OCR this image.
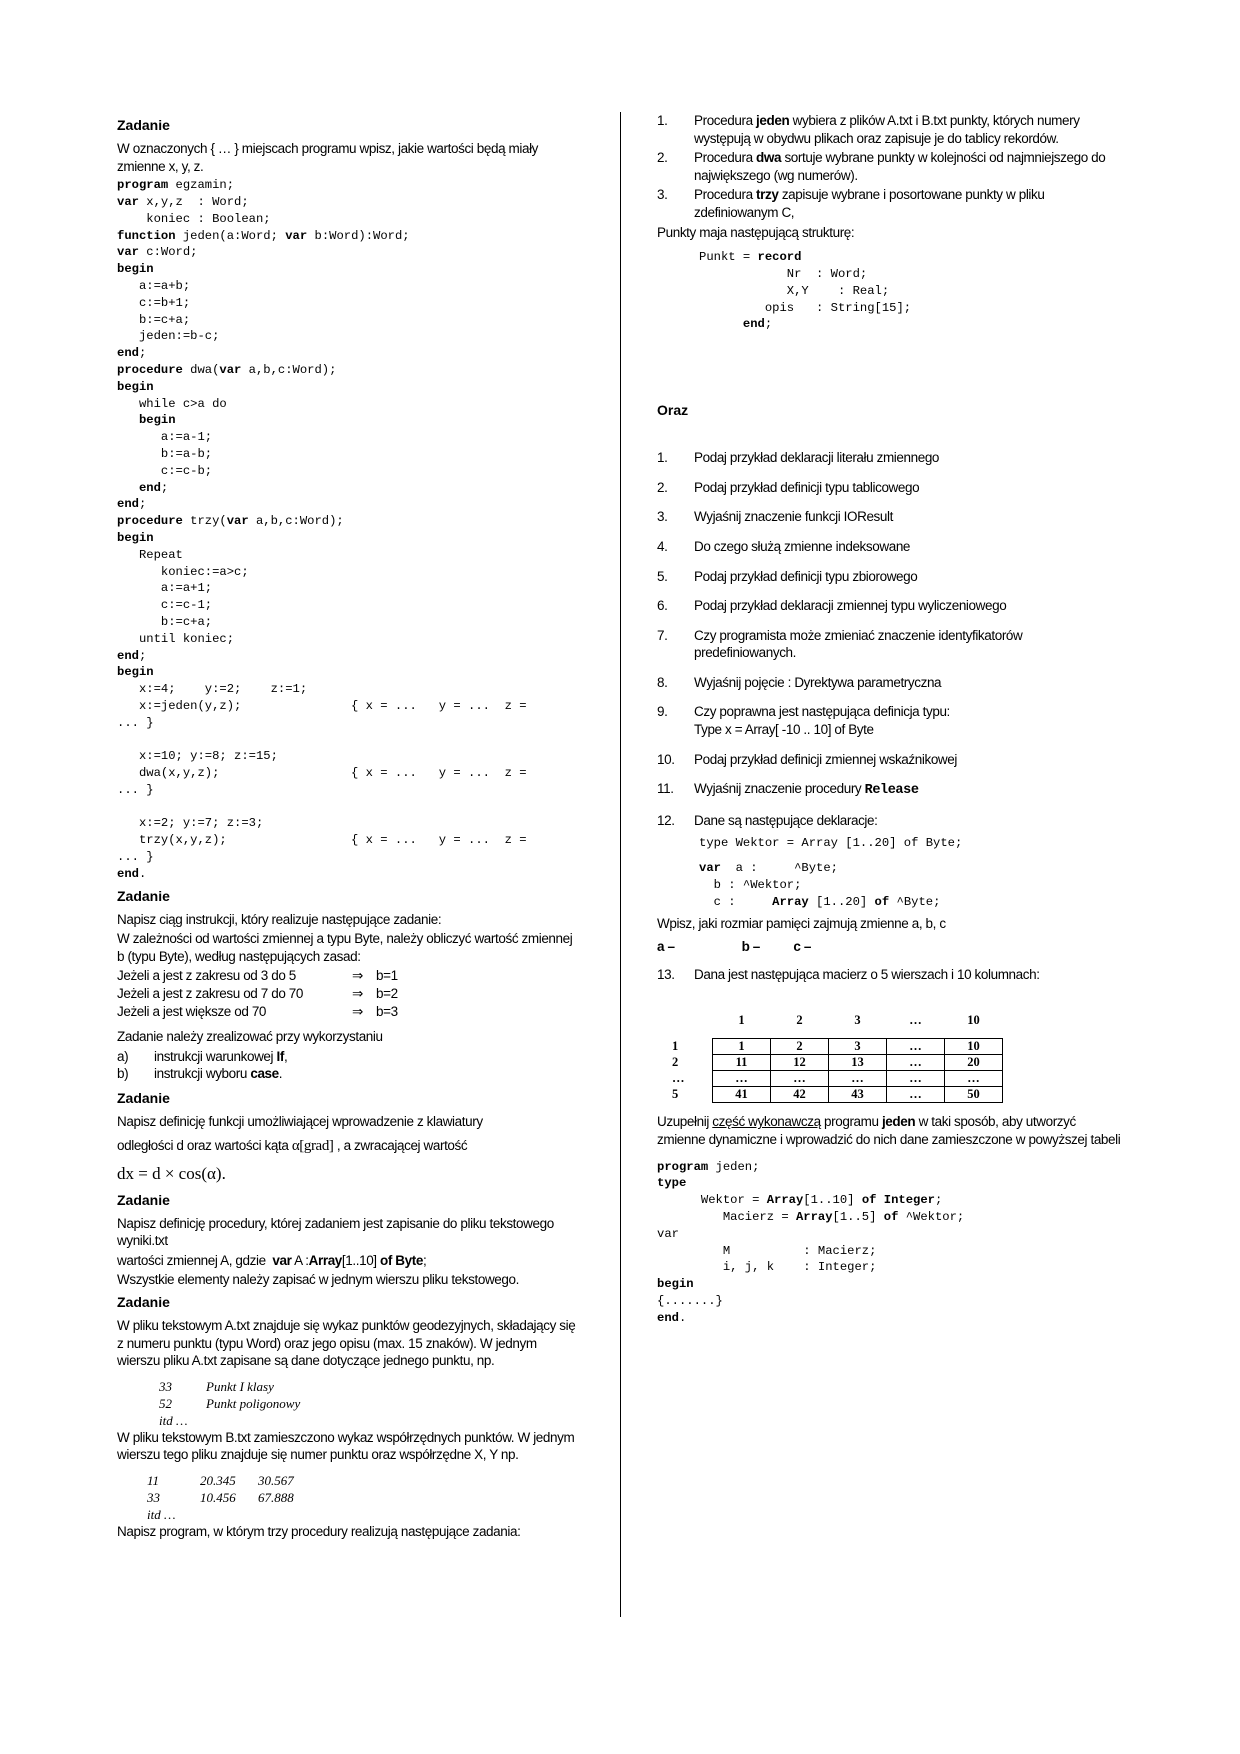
Zadanie
W oznaczonych { … } miejscach programu wpisz, jakie wartości będą miały zmienne x, y, z.
program egzamin;
var x,y,z  : Word;
koniec : Boolean;
function jeden(a:Word; var b:Word):Word;
var c:Word;
begin
a:=a+b;
c:=b+1;
b:=c+a;
jeden:=b-c;
end;
procedure dwa(var a,b,c:Word);
begin
while c>a do
begin
a:=a-1;
b:=a-b;
c:=c-b;
end;
end;
procedure trzy(var a,b,c:Word);
begin
Repeat
koniec:=a>c;
a:=a+1;
c:=c-1;
b:=c+a;
until koniec;
end;
begin
x:=4;    y:=2;    z:=1;
x:=jeden(y,z);               { x = ...   y = ...  z =
... }

x:=10; y:=8; z:=15;
dwa(x,y,z);                  { x = ...   y = ...  z =
... }

x:=2; y:=7; z:=3;
trzy(x,y,z);                 { x = ...   y = ...  z =
... }
end.
Zadanie
Napisz ciąg instrukcji, który realizuje następujące zadanie:
W zależności od wartości zmiennej a typu Byte, należy obliczyć wartość zmiennej b (typu Byte), według następujących zasad:
Jeżeli a jest z zakresu od 3 do 5	⇒ b=1
Jeżeli a jest z zakresu od 7 do 70	⇒ b=2
Jeżeli a jest większe od 70	⇒ b=3
Zadanie należy zrealizować przy wykorzystaniu
a)	instrukcji warunkowej
If ,
b)	instrukcji wyboru
case .
Zadanie
Napisz definicję funkcji umożliwiającej wprowadzenie z klawiatury
odległości d oraz wartości kąta α[grad] , a zwracającej wartość
dx = d × cos(α).
Zadanie
Napisz definicję procedury, której zadaniem jest zapisanie do pliku tekstowego wyniki.txt
wartości zmiennej A, gdzie var A :Array[1..10] of Byte;
Wszystkie elementy należy zapisać w jednym wierszu pliku tekstowego.
Zadanie
W pliku tekstowym A.txt znajduje się wykaz punktów geodezyjnych, składający się z numeru punktu (typu Word) oraz jego opisu (max. 15 znaków). W jednym wierszu pliku A.txt zapisane są dane dotyczące jednego punktu, np.
33	Punkt I klasy
52	Punkt poligonowy
itd …
W pliku tekstowym B.txt zamieszczono wykaz współrzędnych punktów. W jednym wierszu tego pliku znajduje się numer punktu oraz współrzędne X, Y np.
11	20.345	30.567
33	10.456	67.888
itd …
Napisz program, w którym trzy procedury realizują następujące zadania:
1. Procedura jeden wybiera z plików A.txt i B.txt punkty, których numery występują w obydwu plikach oraz zapisuje je do tablicy rekordów.
2. Procedura dwa sortuje wybrane punkty w kolejności od najmniejszego do największego (wg numerów).
3. Procedura trzy zapisuje wybrane i posortowane punkty w pliku zdefiniowanym C,
Punkty maja następującą strukturę:
Punkt = record
Nr  : Word;
X,Y    : Real;
opis   : String[15];
end;
Oraz
1. Podaj przykład deklaracji literału zmiennego
2. Podaj przykład definicji typu tablicowego
3. Wyjaśnij znaczenie funkcji IOResult
4. Do czego służą zmienne indeksowane
5. Podaj przykład definicji typu zbiorowego
6. Podaj przykład deklaracji zmiennej typu wyliczeniowego
7. Czy programista może zmieniać znaczenie identyfikatorów predefiniowanych.
8. Wyjaśnij pojęcie : Dyrektywa parametryczna
9. Czy poprawna jest następująca definicja typu:
Type x = Array[ -10 .. 10] of Byte
10. Podaj przykład definicji zmiennej wskaźnikowej
11. Wyjaśnij znaczenie procedury Release
12. Dane są następujące deklaracje:
type Wektor = Array [1..20] of Byte;
var  a :     ^Byte;
b : ^Wektor;
c :     Array [1..20] of ^Byte;
Wpisz, jaki rozmiar pamięci zajmują zmienne a, b, c
a –                    b –          c –
13. Dana jest następująca macierz o 5 wierszach i 10 kolumnach:
	1	2	3	…	10
1	1	2	3	…	10
2	11	12	13	…	20
…	…	…	…	…	…
5	41	42	43	…	50
Uzupełnij część wykonawczą programu jeden w taki sposób, aby utworzyć zmienne dynamiczne i wprowadzić do nich dane zamieszczone w powyższej tabeli
program jeden;
type
Wektor = Array[1..10] of Integer;
Macierz = Array[1..5] of ^Wektor;
var
M          : Macierz;
i, j, k    : Integer;
begin
{.......}
end.
